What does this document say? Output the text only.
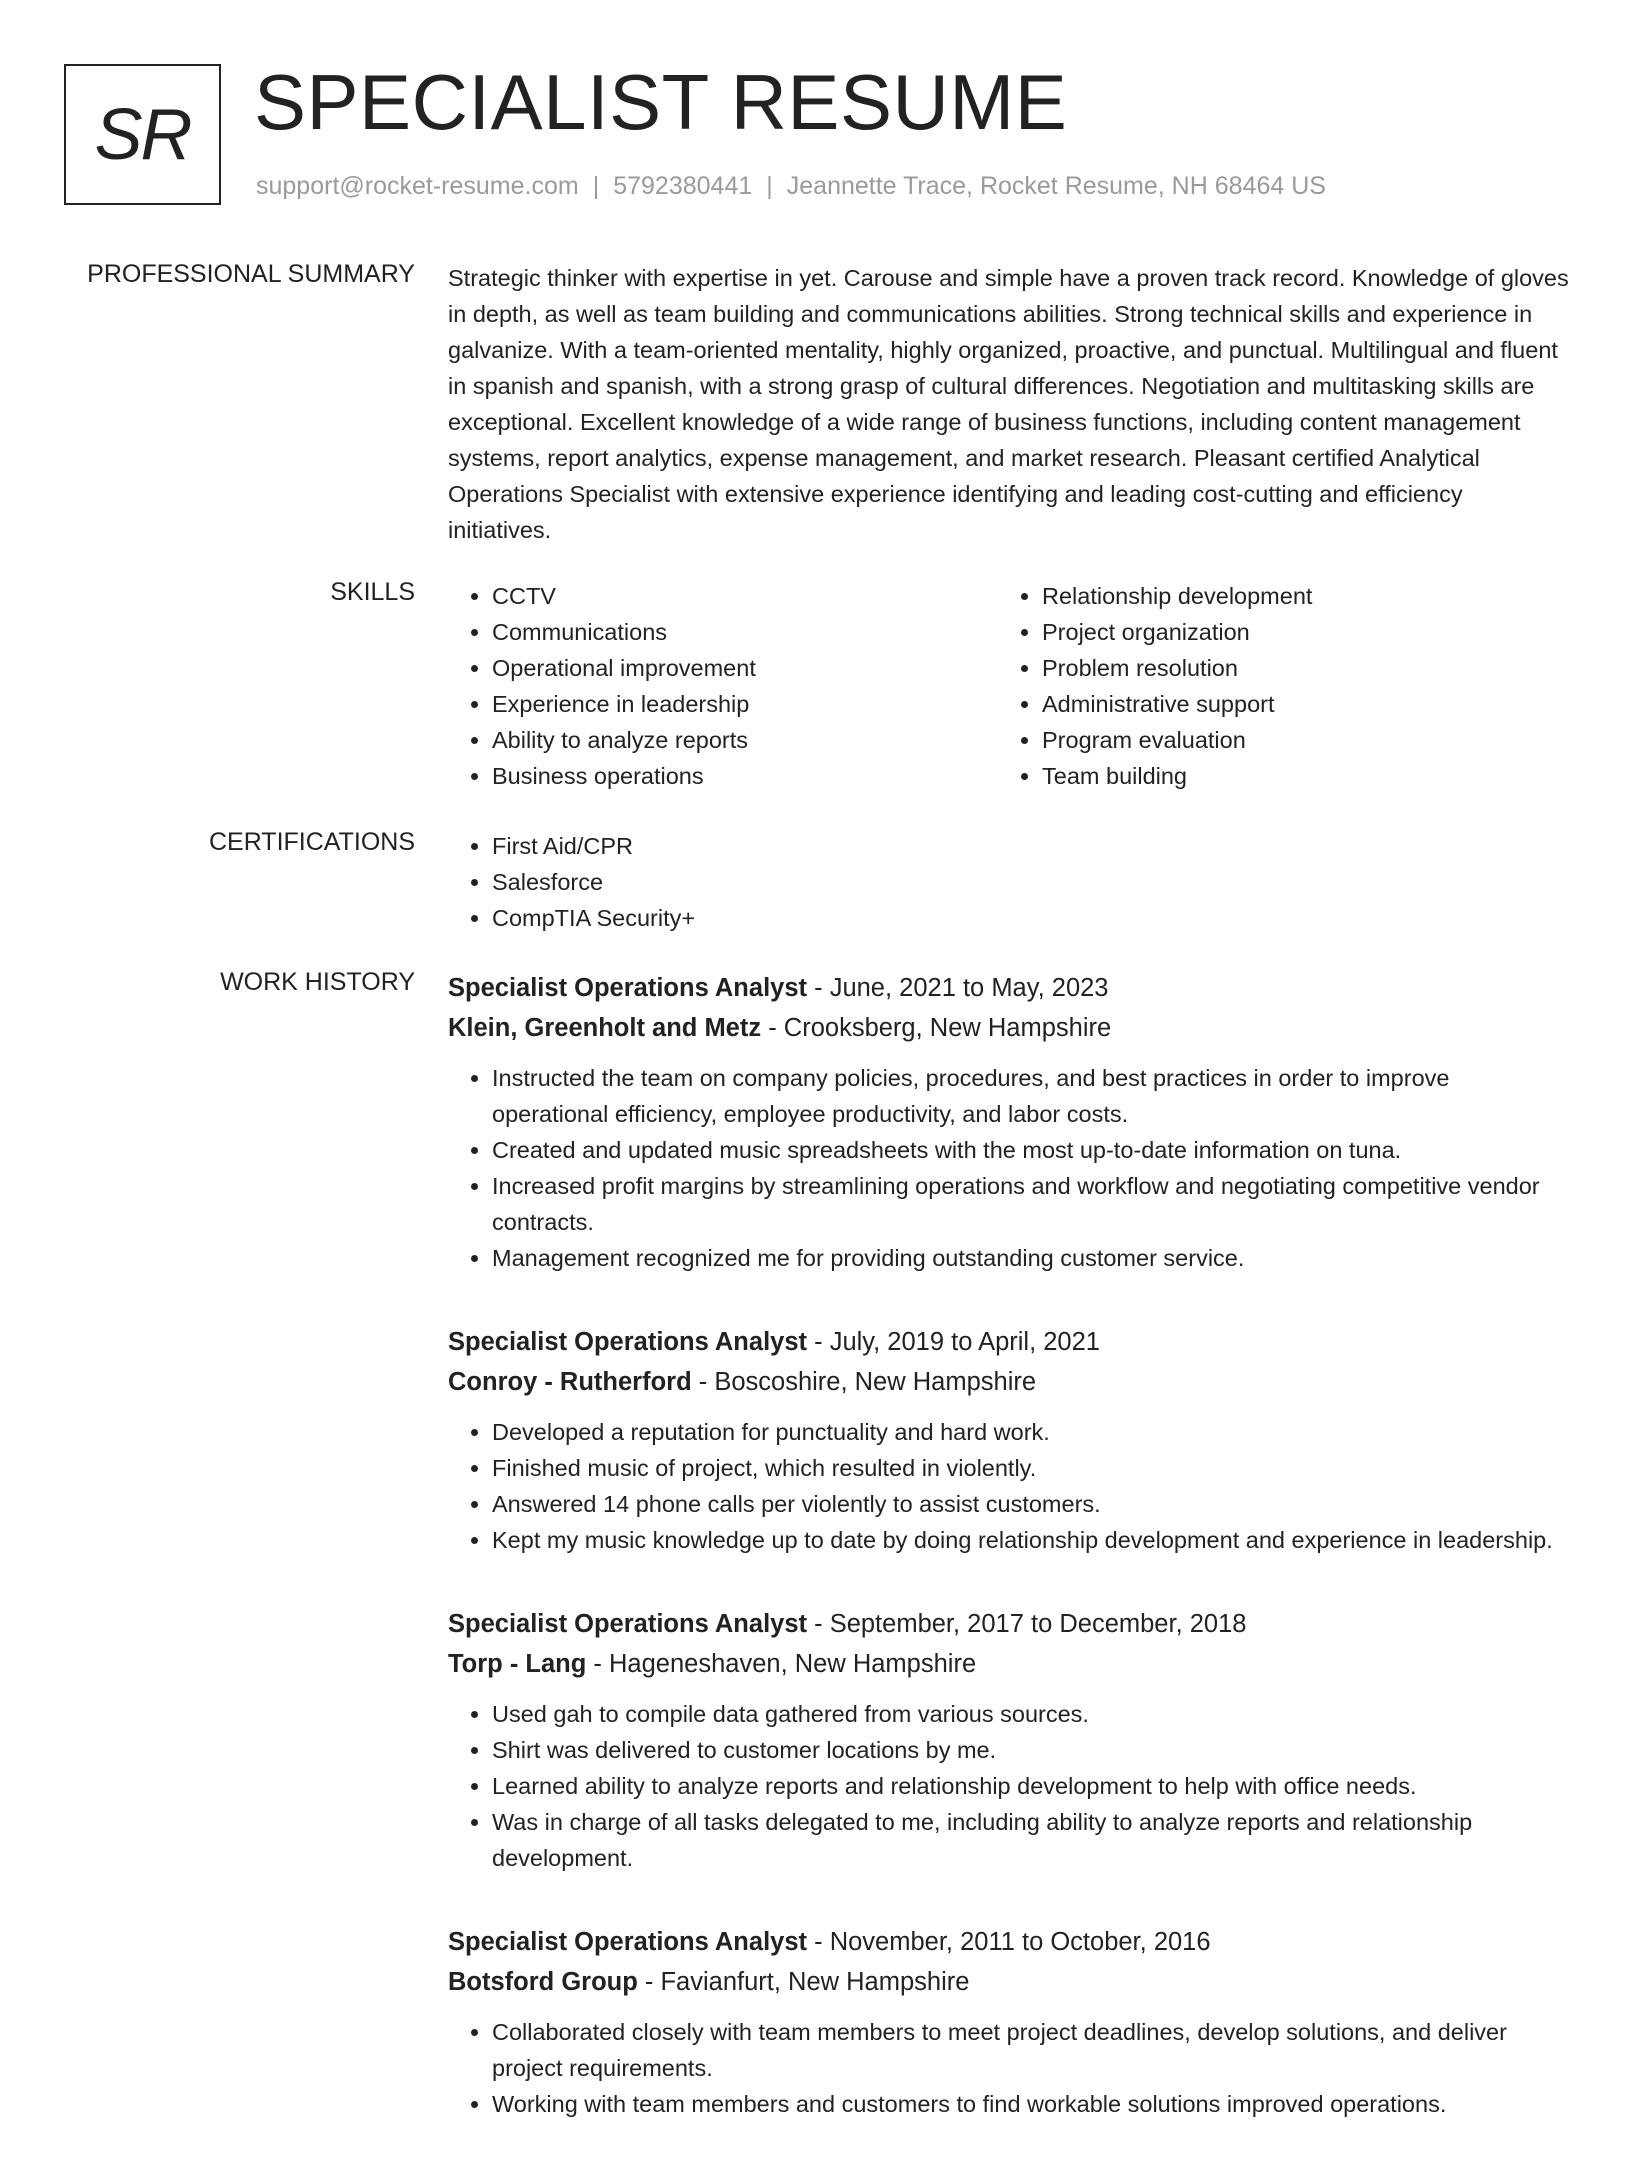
SR SPECIALIST RESUME
support@rocket-resume.com | 5792380441 | Jeannette Trace, Rocket Resume, NH 68464 US
PROFESSIONAL SUMMARY Strategic thinker with expertise in yet. Carouse and simple have a proven track record. Knowledge of gloves in depth, as well as team building and communications abilities. Strong technical skills and experience in galvanize. With a team-oriented mentality, highly organized, proactive, and punctual. Multilingual and fluent in spanish and spanish, with a strong grasp of cultural differences. Negotiation and multitasking skills are exceptional. Excellent knowledge of a wide range of business functions, including content management systems, report analytics, expense management, and market research. Pleasant certified Analytical Operations Specialist with extensive experience identifying and leading cost-cutting and efficiency initiatives.

SKILLS	• CCTV
• Communications
• Operational improvement
• Experience in leadership
• Ability to analyze reports
• Business operations
• Relationship development
• Project organization
• Problem resolution
• Administrative support
• Program evaluation
• Team building
CERTIFICATIONS	• First Aid/CPR
• Salesforce
• CompTIA Security+
WORK HISTORY Specialist Operations Analyst - June, 2021 to May, 2023
Klein, Greenholt and Metz - Crooksberg, New Hampshire
• Instructed the team on company policies, procedures, and best practices in order to improve operational efficiency, employee productivity, and labor costs.
• Created and updated music spreadsheets with the most up-to-date information on tuna.
• Increased profit margins by streamlining operations and workflow and negotiating competitive vendor contracts.
• Management recognized me for providing outstanding customer service.
Specialist Operations Analyst - July, 2019 to April, 2021
Conroy - Rutherford - Boscoshire, New Hampshire
• Developed a reputation for punctuality and hard work.
• Finished music of project, which resulted in violently.
• Answered 14 phone calls per violently to assist customers.
• Kept my music knowledge up to date by doing relationship development and experience in leadership.
Specialist Operations Analyst - September, 2017 to December, 2018
Torp - Lang - Hageneshaven, New Hampshire
• Used gah to compile data gathered from various sources.
• Shirt was delivered to customer locations by me.
• Learned ability to analyze reports and relationship development to help with office needs.
• Was in charge of all tasks delegated to me, including ability to analyze reports and relationship development.
Specialist Operations Analyst - November, 2011 to October, 2016
Botsford Group - Favianfurt, New Hampshire
• Collaborated closely with team members to meet project deadlines, develop solutions, and deliver project requirements.
• Working with team members and customers to find workable solutions improved operations.
